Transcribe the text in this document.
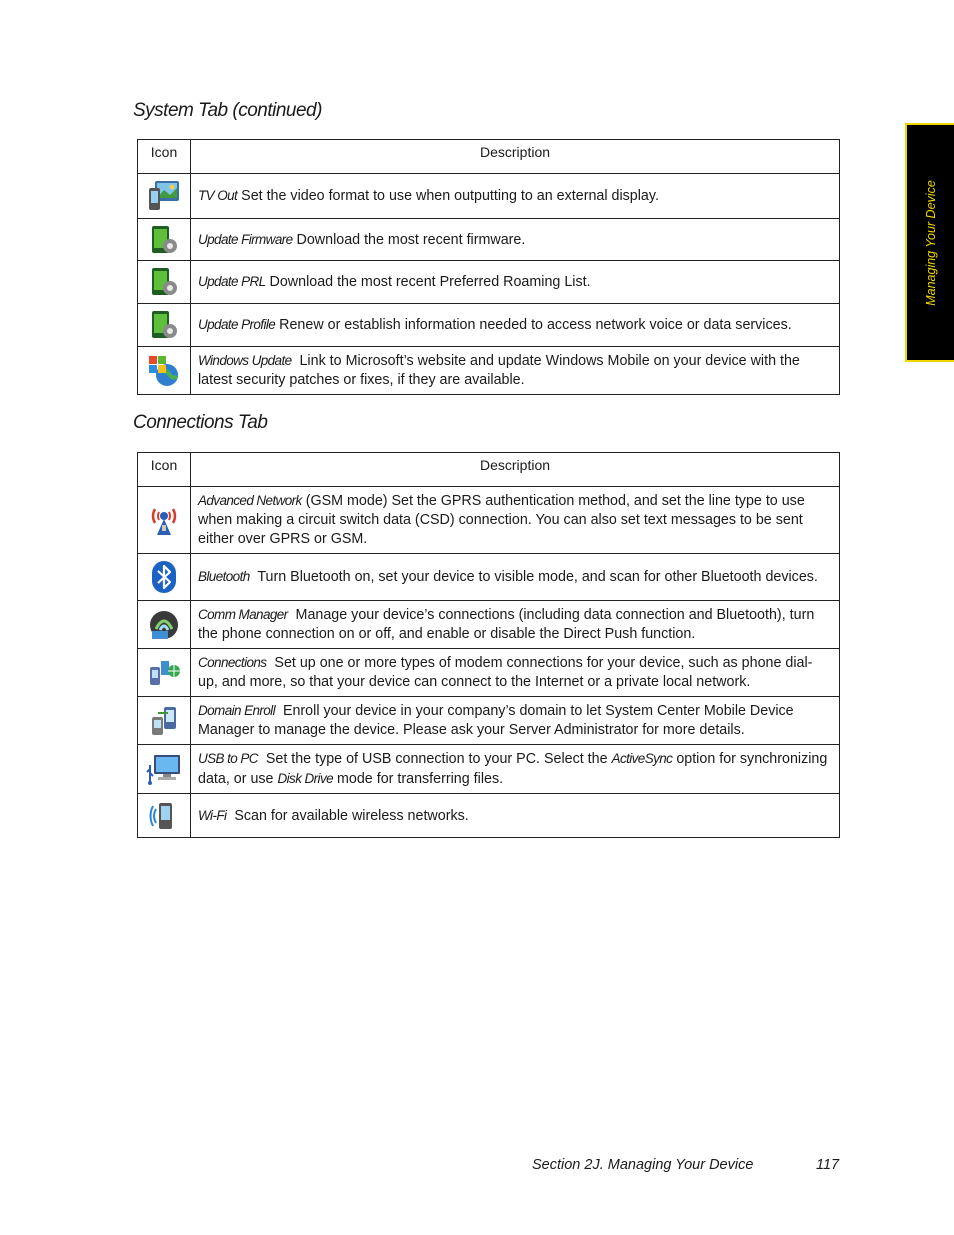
Managing Your Device
System Tab (continued)
Icon	Description

	TV Out Set the video format to use when outputting to an external display.

	Update Firmware Download the most recent firmware.

	Update PRL Download the most recent Preferred Roaming List.

	Update Profile Renew or establish information needed to access network voice or data services.

	Windows Update Link to Microsoft’s website and update Windows Mobile on your device with the latest security patches or fixes, if they are available.
Connections Tab
Icon	Description

	Advanced Network (GSM mode) Set the GPRS authentication method, and set the line type to use when making a circuit switch data (CSD) connection. You can also set text messages to be sent either over GPRS or GSM.

	Bluetooth Turn Bluetooth on, set your device to visible mode, and scan for other Bluetooth devices.

	Comm Manager Manage your device’s connections (including data connection and Bluetooth), turn the phone connection on or off, and enable or disable the Direct Push function.

	Connections Set up one or more types of modem connections for your device, such as phone dial-up, and more, so that your device can connect to the Internet or a private local network.

	Domain Enroll Enroll your device in your company’s domain to let System Center Mobile Device Manager to manage the device. Please ask your Server Administrator for more details.

	USB to PC Set the type of USB connection to your PC. Select the ActiveSync option for synchronizing data, or use Disk Drive mode for transferring files.

	Wi-Fi Scan for available wireless networks.
Section 2J. Managing Your Device	117
